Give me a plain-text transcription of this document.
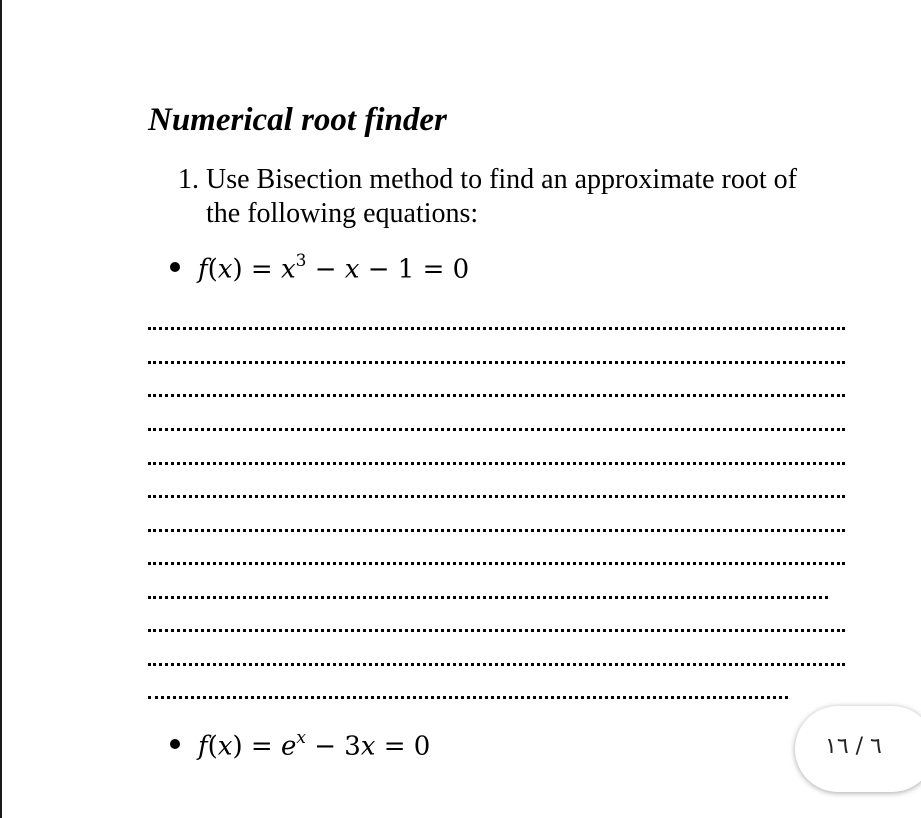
Numerical root finder
1. Use Bisection method to find an approximate root of
the following equations:
$f(x) = x^3 - x - 1 = 0$
$f(x) = e^x - 3x = 0$	٦ / ١٦
